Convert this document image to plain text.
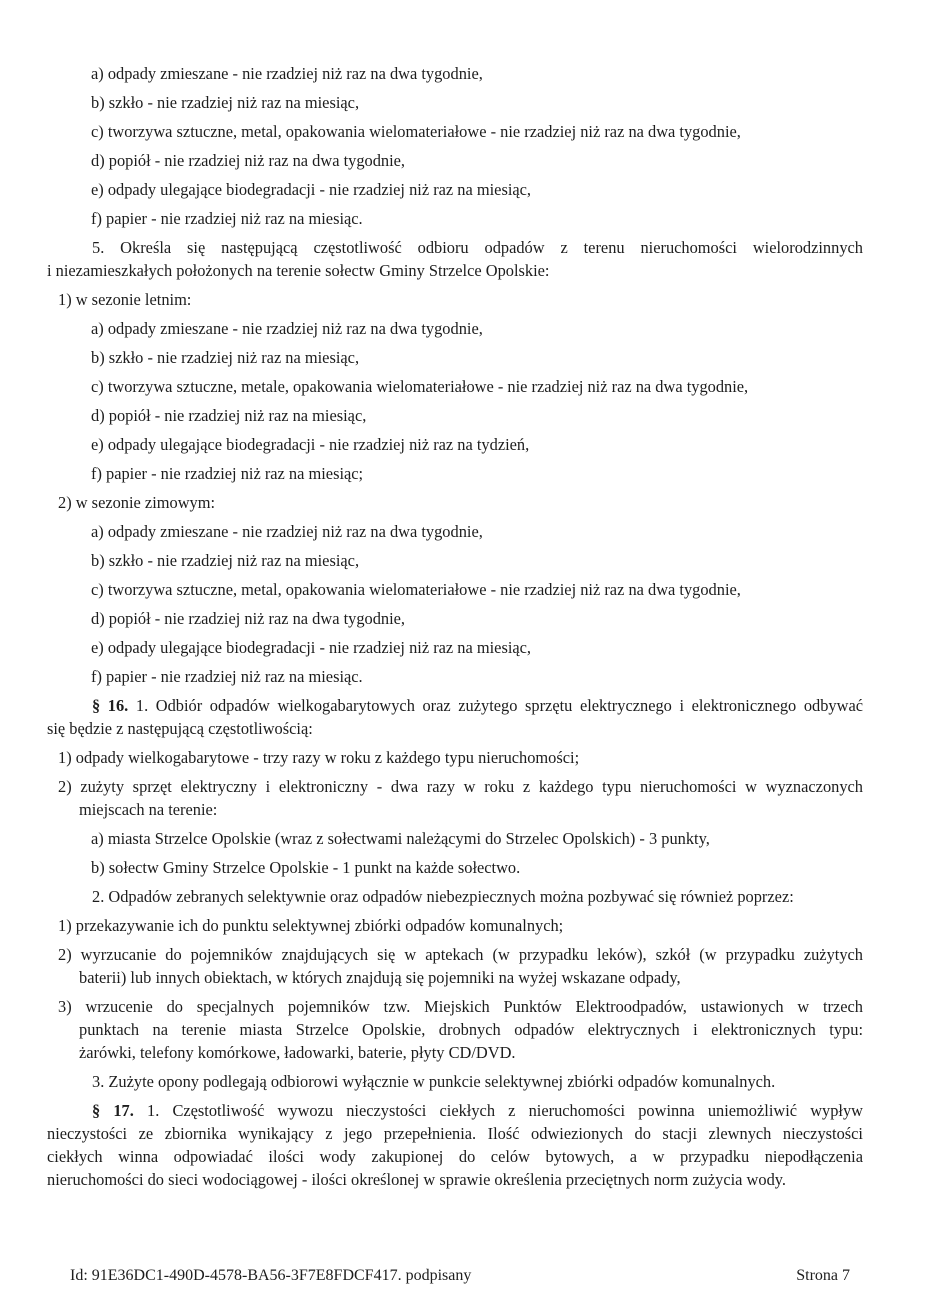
a) odpady zmieszane - nie rzadziej niż raz na dwa tygodnie,
b) szkło - nie rzadziej niż raz na miesiąc,
c) tworzywa sztuczne, metal, opakowania wielomateriałowe - nie rzadziej niż raz na dwa tygodnie,
d) popiół - nie rzadziej niż raz na dwa tygodnie,
e) odpady ulegające biodegradacji - nie rzadziej niż raz na miesiąc,
f) papier - nie rzadziej niż raz na miesiąc.
5. Określa się następującą częstotliwość odbioru odpadów z terenu nieruchomości wielorodzinnych
i niezamieszkałych położonych na terenie sołectw Gminy Strzelce Opolskie:
1) w sezonie letnim:
a) odpady zmieszane - nie rzadziej niż raz na dwa tygodnie,
b) szkło - nie rzadziej niż raz na miesiąc,
c) tworzywa sztuczne, metale, opakowania wielomateriałowe - nie rzadziej niż raz na dwa tygodnie,
d) popiół - nie rzadziej niż raz na miesiąc,
e) odpady ulegające biodegradacji - nie rzadziej niż raz na tydzień,
f) papier - nie rzadziej niż raz na miesiąc;
2) w sezonie zimowym:
a) odpady zmieszane - nie rzadziej niż raz na dwa tygodnie,
b) szkło - nie rzadziej niż raz na miesiąc,
c) tworzywa sztuczne, metal, opakowania wielomateriałowe - nie rzadziej niż raz na dwa tygodnie,
d) popiół - nie rzadziej niż raz na dwa tygodnie,
e) odpady ulegające biodegradacji - nie rzadziej niż raz na miesiąc,
f) papier - nie rzadziej niż raz na miesiąc.
§ 16. 1. Odbiór odpadów wielkogabarytowych oraz zużytego sprzętu elektrycznego i elektronicznego odbywać
się będzie z następującą częstotliwością:
1) odpady wielkogabarytowe - trzy razy w roku z każdego typu nieruchomości;
2) zużyty sprzęt elektryczny i elektroniczny - dwa razy w roku z każdego typu nieruchomości w wyznaczonych
miejscach na terenie:
a) miasta Strzelce Opolskie (wraz z sołectwami należącymi do Strzelec Opolskich) - 3 punkty,
b) sołectw Gminy Strzelce Opolskie - 1 punkt na każde sołectwo.
2. Odpadów zebranych selektywnie oraz odpadów niebezpiecznych można pozbywać się również poprzez:
1) przekazywanie ich do punktu selektywnej zbiórki odpadów komunalnych;
2) wyrzucanie do pojemników znajdujących się w aptekach (w przypadku leków), szkół (w przypadku zużytych
baterii) lub innych obiektach, w których znajdują się pojemniki na wyżej wskazane odpady,
3) wrzucenie do specjalnych pojemników tzw. Miejskich Punktów Elektroodpadów, ustawionych w trzech
punktach na terenie miasta Strzelce Opolskie, drobnych odpadów elektrycznych i elektronicznych typu:
żarówki, telefony komórkowe, ładowarki, baterie, płyty CD/DVD.
3. Zużyte opony podlegają odbiorowi wyłącznie w punkcie selektywnej zbiórki odpadów komunalnych.
§ 17. 1. Częstotliwość wywozu nieczystości ciekłych z nieruchomości powinna uniemożliwić wypływ
nieczystości ze zbiornika wynikający z jego przepełnienia. Ilość odwiezionych do stacji zlewnych nieczystości
ciekłych winna odpowiadać ilości wody zakupionej do celów bytowych, a w przypadku niepodłączenia
nieruchomości do sieci wodociągowej - ilości określonej w sprawie określenia przeciętnych norm zużycia wody.
Id: 91E36DC1-490D-4578-BA56-3F7E8FDCF417. podpisany	Strona 7
